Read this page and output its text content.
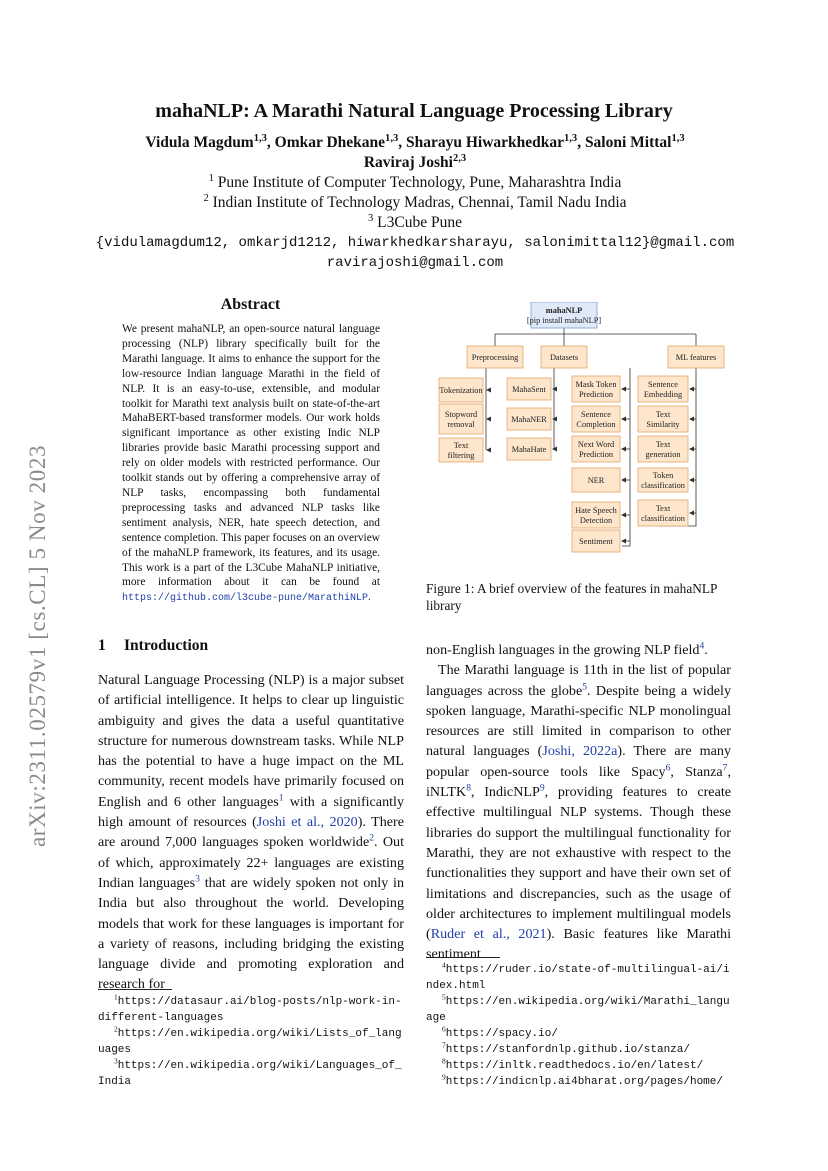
arXiv:2311.02579v1 [cs.CL] 5 Nov 2023
mahaNLP: A Marathi Natural Language Processing Library
Vidula Magdum$^{1,3}$, Omkar Dhekane$^{1,3}$, Sharayu Hiwarkhedkar$^{1,3}$, Saloni Mittal$^{1,3}$
Raviraj Joshi$^{2,3}$
$^1$ Pune Institute of Computer Technology, Pune, Maharashtra India
$^2$ Indian Institute of Technology Madras, Chennai, Tamil Nadu India
$^3$ L3Cube Pune
{vidulamagdum12, omkarjd1212, hiwarkhedkarsharayu, salonimittal12}@gmail.com
ravirajoshi@gmail.com
Abstract
We present mahaNLP, an open-source natural language processing (NLP) library specifically built for the Marathi language. It aims to enhance the support for the low-resource Indian language Marathi in the field of NLP. It is an easy-to-use, extensible, and modular toolkit for Marathi text analysis built on state-of-the-art MahaBERT-based transformer models. Our work holds significant importance as other existing Indic NLP libraries provide basic Marathi processing support and rely on older models with restricted performance. Our toolkit stands out by offering a comprehensive array of NLP tasks, encompassing both fundamental preprocessing tasks and advanced NLP tasks like sentiment analysis, NER, hate speech detection, and sentence completion. This paper focuses on an overview of the mahaNLP framework, its features, and its usage. This work is a part of the L3Cube MahaNLP initiative, more information about it can be found at https://github.com/l3cube-pune/MarathiNLP.
1 Introduction

Natural Language Processing (NLP) is a major subset of artificial intelligence. It helps to clear up linguistic ambiguity and gives the data a useful quantitative structure for numerous downstream tasks. While NLP has the potential to have a huge impact on the ML community, recent models have primarily focused on English and 6 other languages$^1$ with a significantly high amount of resources (Joshi et al., 2020). There are around 7,000 languages spoken worldwide$^2$. Out of which, approximately 22+ languages are existing Indian languages$^3$ that are widely spoken not only in India but also throughout the world. Developing models that work for these languages is important for a variety of reasons, including bridging the existing language divide and promoting exploration and research for

non-English languages in the growing NLP field$^4$.

The Marathi language is 11th in the list of popular languages across the globe$^5$. Despite being a widely spoken language, Marathi-specific NLP monolingual resources are still limited in comparison to other natural languages (Joshi, 2022a). There are many popular open-source tools like Spacy$^6$, Stanza$^7$, iNLTK$^8$, IndicNLP$^9$, providing features to create effective multilingual NLP systems. Though these libraries do support the multilingual functionality for Marathi, they are not exhaustive with respect to the functionalities they support and have their own set of limitations and discrepancies, such as the usage of older architectures to implement multilingual models (Ruder et al., 2021). Basic features like Marathi sentiment

$^1$https://datasaur.ai/blog-posts/nlp-work-in-different-languages
$^2$https://en.wikipedia.org/wiki/Lists_of_languages
$^3$https://en.wikipedia.org/wiki/Languages_of_India
$^4$https://ruder.io/state-of-multilingual-ai/index.html
$^5$https://en.wikipedia.org/wiki/Marathi_language
$^6$https://spacy.io/
$^7$https://stanfordnlp.github.io/stanza/
$^8$https://inltk.readthedocs.io/en/latest/
$^9$https://indicnlp.ai4bharat.org/pages/home/
mahaNLP
[pip install mahaNLP]
Preprocessing	Datasets	ML features
Tokenization
Stopword
removal
Text
filtering
MahaSent
MahaNER
MahaHate
Mask Token
Prediction
Sentence
Completion
Next Word
Prediction
NER
Hate Speech
Detection
Sentiment
Sentence
Embedding
Text
Similarity
Text
generation
Token
classification
Text
classification
Figure 1: A brief overview of the features in mahaNLP library
